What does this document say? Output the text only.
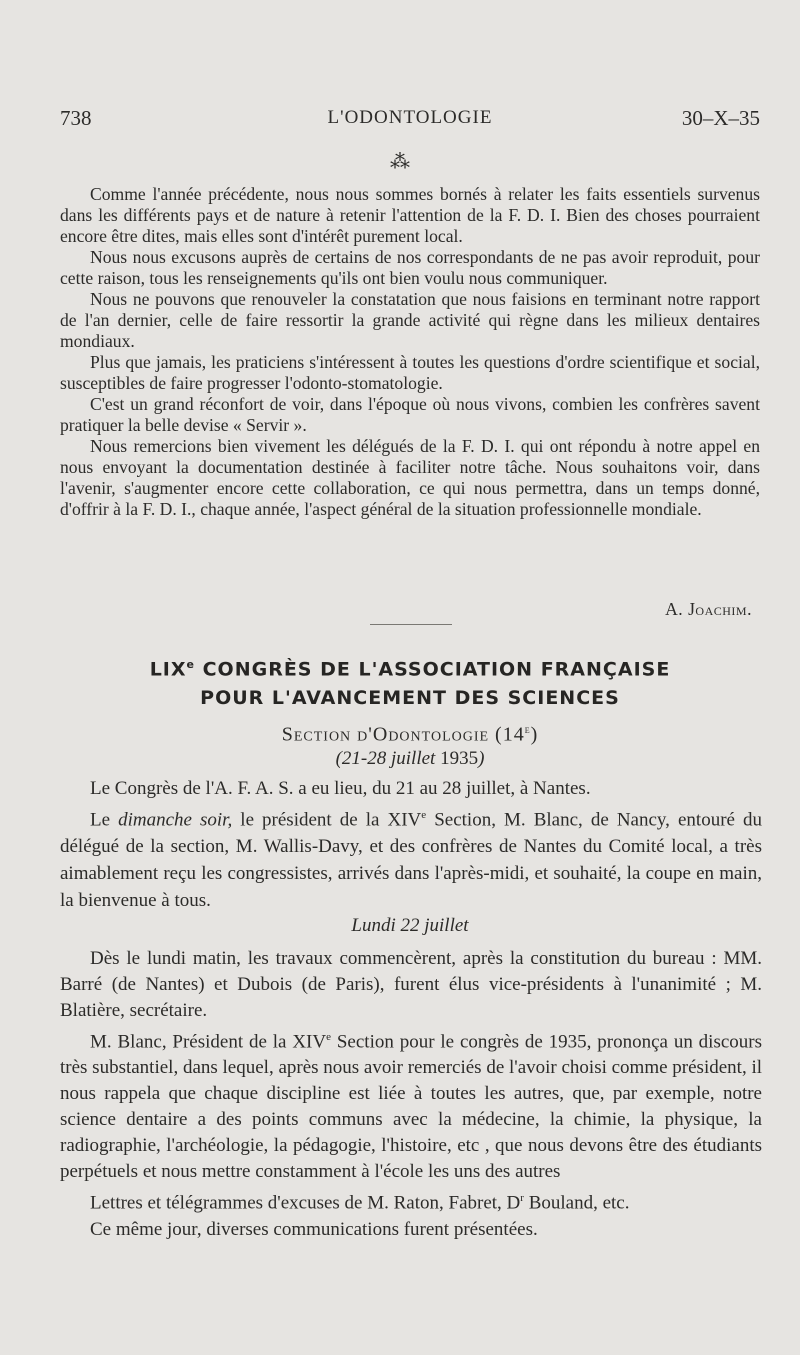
738	L'ODONTOLOGIE	30–X–35
⁂

Comme l'année précédente, nous nous sommes bornés à relater les faits essentiels survenus dans les différents pays et de nature à retenir l'attention de la F. D. I. Bien des choses pourraient encore être dites, mais elles sont d'intérêt purement local.

Nous nous excusons auprès de certains de nos correspondants de ne pas avoir reproduit, pour cette raison, tous les renseignements qu'ils ont bien voulu nous communiquer.

Nous ne pouvons que renouveler la constatation que nous faisions en terminant notre rapport de l'an dernier, celle de faire ressortir la grande activité qui règne dans les milieux dentaires mondiaux.

Plus que jamais, les praticiens s'intéressent à toutes les questions d'ordre scientifique et social, susceptibles de faire progresser l'odonto-stomatologie.

C'est un grand réconfort de voir, dans l'époque où nous vivons, combien les confrères savent pratiquer la belle devise « Servir ».

Nous remercions bien vivement les délégués de la F. D. I. qui ont répondu à notre appel en nous envoyant la documentation destinée à faciliter notre tâche. Nous souhaitons voir, dans l'avenir, s'augmenter encore cette collaboration, ce qui nous permettra, dans un temps donné, d'offrir à la F. D. I., chaque année, l'aspect général de la situation professionnelle mondiale.

A. Joachim.
LIXe CONGRÈS DE L'ASSOCIATION FRANÇAISE
POUR L'AVANCEMENT DES SCIENCES
Section d'Odontologie (14e)
(21-28 juillet 1935)

Le Congrès de l'A. F. A. S. a eu lieu, du 21 au 28 juillet, à Nantes.

Le dimanche soir, le président de la XIVe Section, M. Blanc, de Nancy, entouré du délégué de la section, M. Wallis-Davy, et des confrères de Nantes du Comité local, a très aimablement reçu les congressistes, arrivés dans l'après-midi, et souhaité, la coupe en main, la bienvenue à tous.

Lundi 22 juillet

Dès le lundi matin, les travaux commencèrent, après la constitution du bureau : MM. Barré (de Nantes) et Dubois (de Paris), furent élus vice-présidents à l'unanimité ; M. Blatière, secrétaire.

M. Blanc, Président de la XIVe Section pour le congrès de 1935, prononça un discours très substantiel, dans lequel, après nous avoir remerciés de l'avoir choisi comme président, il nous rappela que chaque discipline est liée à toutes les autres, que, par exemple, notre science dentaire a des points communs avec la médecine, la chimie, la physique, la radiographie, l'archéologie, la pédagogie, l'histoire, etc , que nous devons être des étudiants perpétuels et nous mettre constamment à l'école les uns des autres

Lettres et télégrammes d'excuses de M. Raton, Fabret, $D^r$ Bouland, etc.

Ce même jour, diverses communications furent présentées.
